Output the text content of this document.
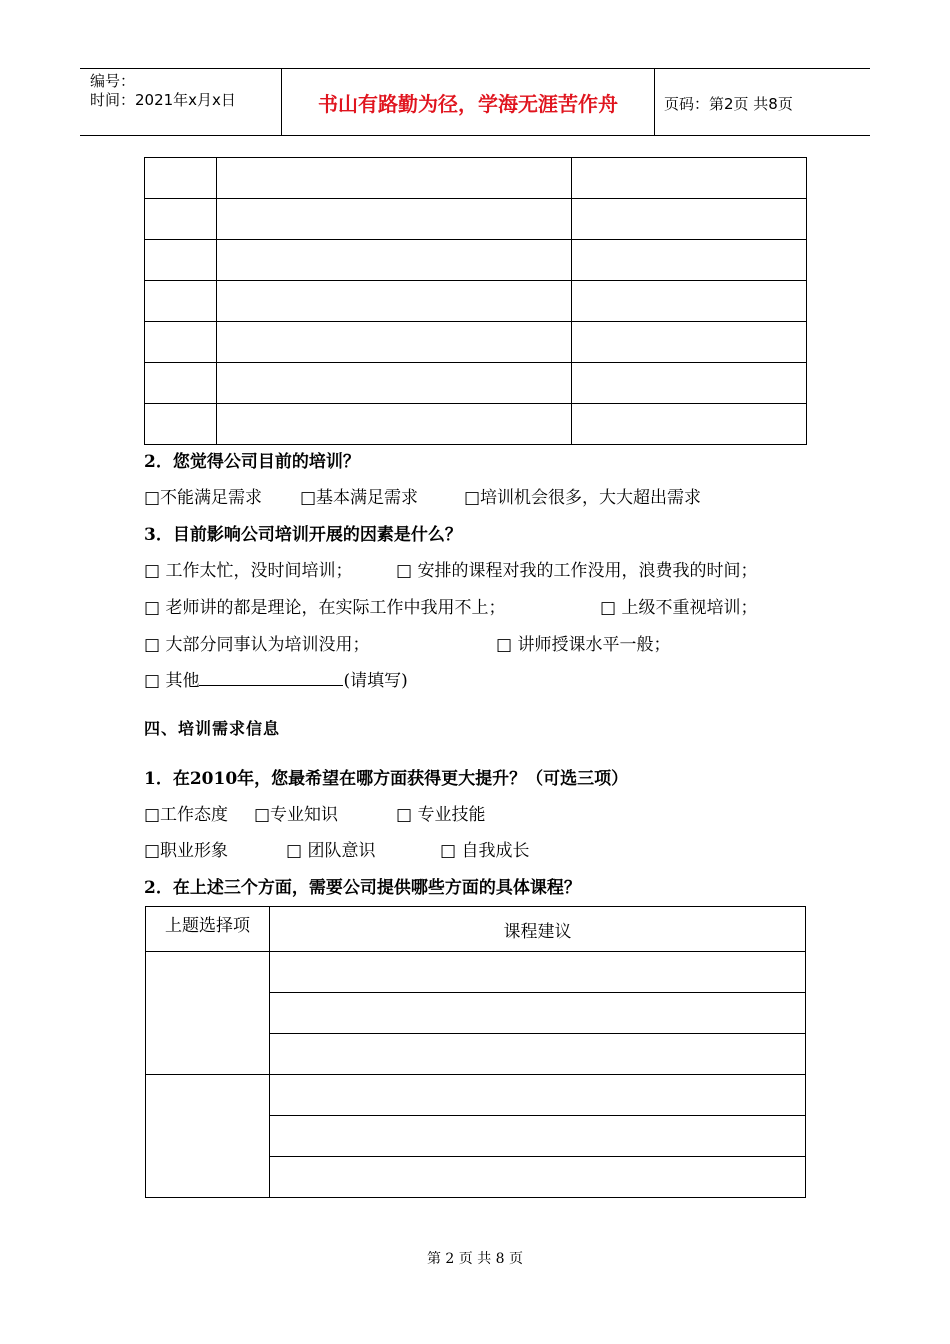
编号：
时间：2021年x月x日	书山有路勤为径，学海无涯苦作舟	页码：第2页 共8页

2．您觉得公司目前的培训？
□不能满足需求 □基本满足需求	□培训机会很多，大大超出需求
3．目前影响公司培训开展的因素是什么？
□ 工作太忙，没时间培训；	□ 安排的课程对我的工作没用，浪费我的时间；
□ 老师讲的都是理论，在实际工作中我用不上；	□ 上级不重视培训；
□ 大部分同事认为培训没用；	□ 讲师授课水平一般；
□ 其他	(请填写)
四、培训需求信息
1．在2010年，您最希望在哪方面获得更大提升？（可选三项）
□工作态度 □专业知识	□ 专业技能
□职业形象	□ 团队意识	□ 自我成长
2．在上述三个方面，需要公司提供哪些方面的具体课程？
上题选择项	课程建议

第 2 页 共 8 页
